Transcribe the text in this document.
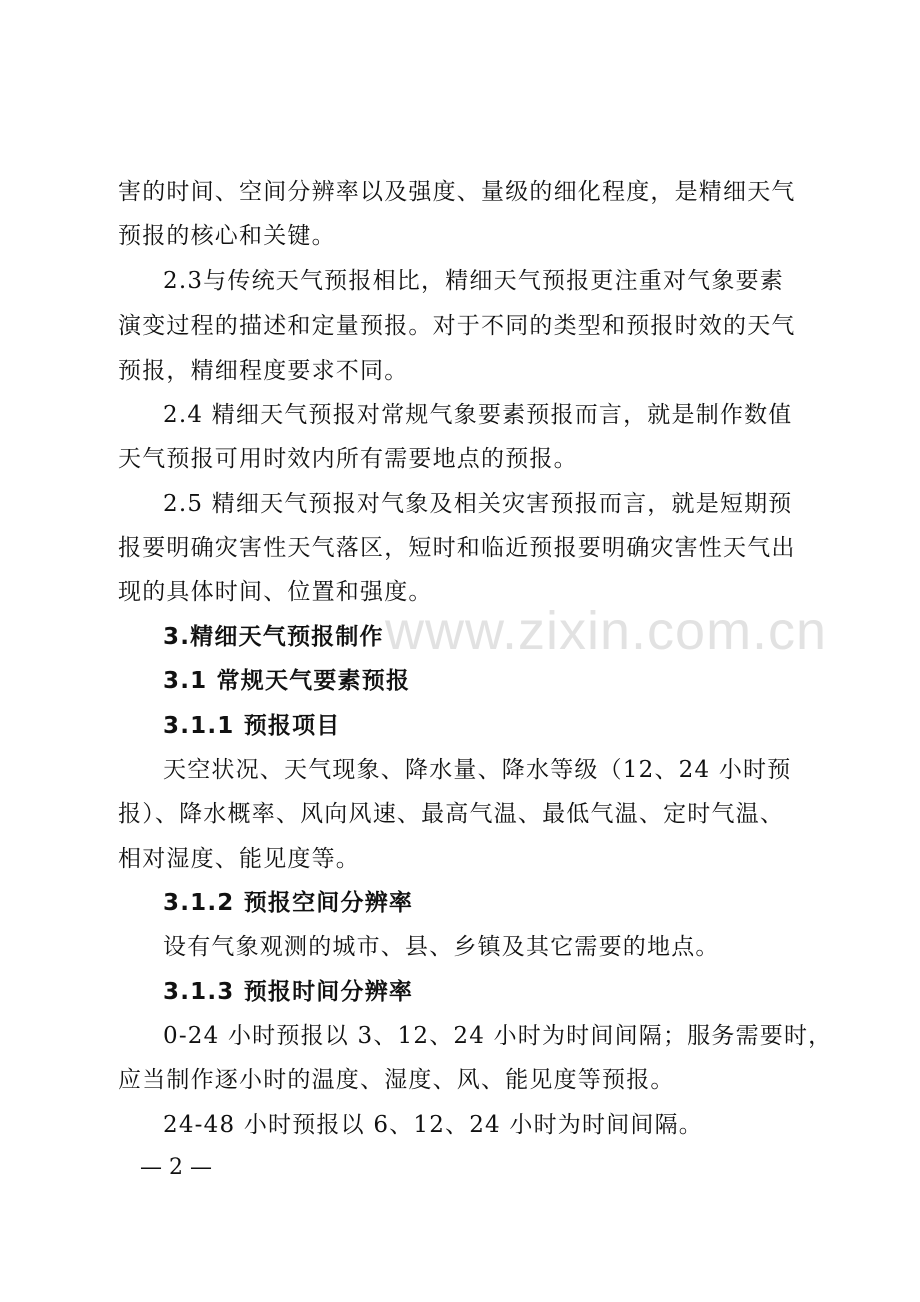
www.zixin.com.cn
害的时间、空间分辨率以及强度、量级的细化程度，是精细天气
预报的核心和关键。
2.3与传统天气预报相比，精细天气预报更注重对气象要素
演变过程的描述和定量预报。对于不同的类型和预报时效的天气
预报，精细程度要求不同。
2.4 精细天气预报对常规气象要素预报而言，就是制作数值
天气预报可用时效内所有需要地点的预报。
2.5 精细天气预报对气象及相关灾害预报而言，就是短期预
报要明确灾害性天气落区，短时和临近预报要明确灾害性天气出
现的具体时间、位置和强度。
3.精细天气预报制作
3.1 常规天气要素预报
3.1.1 预报项目
天空状况、天气现象、降水量、降水等级（12、24 小时预
报）、降水概率、风向风速、最高气温、最低气温、定时气温、
相对湿度、能见度等。
3.1.2 预报空间分辨率
设有气象观测的城市、县、乡镇及其它需要的地点。
3.1.3 预报时间分辨率
0-24 小时预报以 3、12、24 小时为时间间隔；服务需要时，
应当制作逐小时的温度、湿度、风、能见度等预报。
24-48 小时预报以 6、12、24 小时为时间间隔。
— 2 —
